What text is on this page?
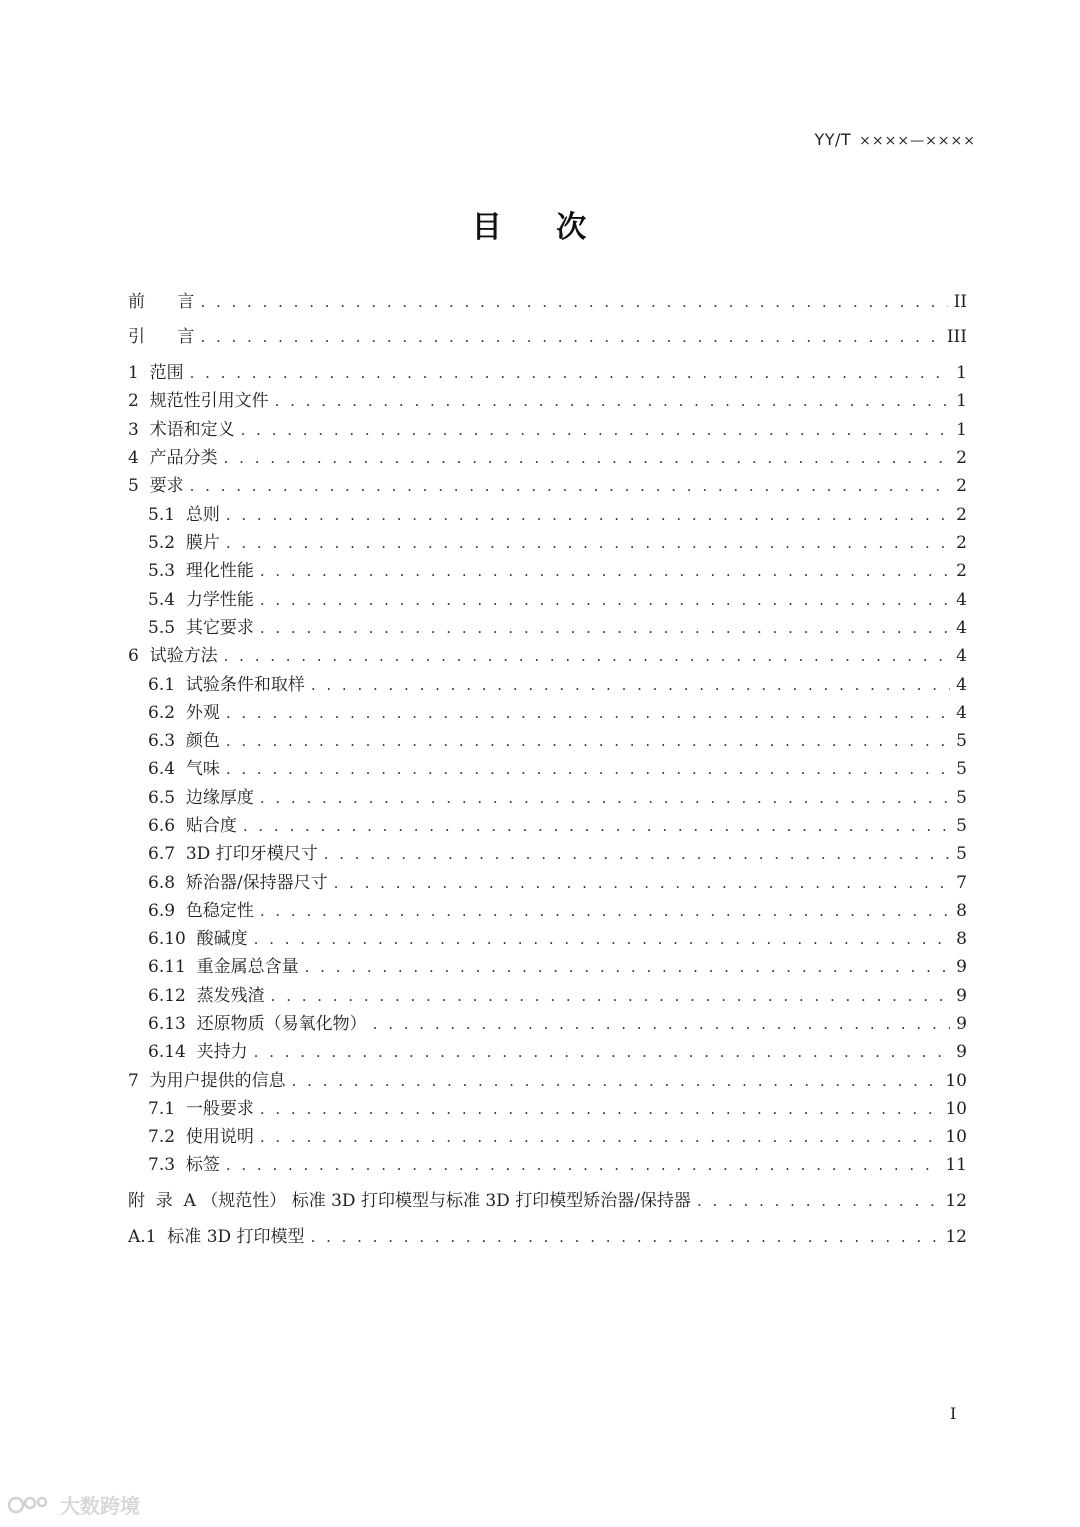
YY/T ××××—××××
目 次
前      言 . . .	II
引      言 . . .	III
1  范围 . . .	1
2  规范性引用文件 . . .	1
3  术语和定义 . . .	1
4  产品分类 . . .	2
5  要求 . . .	2
5.1  总则 . . .	2
5.2  膜片 . . .	2
5.3  理化性能 . . .	2
5.4  力学性能 . . .	4
5.5  其它要求 . . .	4
6  试验方法 . . .	4
6.1  试验条件和取样 . . .	4
6.2  外观 . . .	4
6.3  颜色 . . .	5
6.4  气味 . . .	5
6.5  边缘厚度 . . .	5
6.6  贴合度 . . .	5
6.7  3D 打印牙模尺寸 . . .	5
6.8  矫治器/保持器尺寸 . . .	7
6.9  色稳定性 . . .	8
6.10  酸碱度 . . .	8
6.11  重金属总含量 . . .	9
6.12  蒸发残渣 . . .	9
6.13  还原物质（易氧化物） . . .	9
6.14  夹持力 . . .	9
7  为用户提供的信息 . . .	10
7.1  一般要求 . . .	10
7.2  使用说明 . . .	10
7.3  标签 . . .	11
附  录  A （规范性） 标准 3D 打印模型与标准 3D 打印模型矫治器/保持器 . . .	12
A.1  标准 3D 打印模型 . . .	12
I
大数跨境
